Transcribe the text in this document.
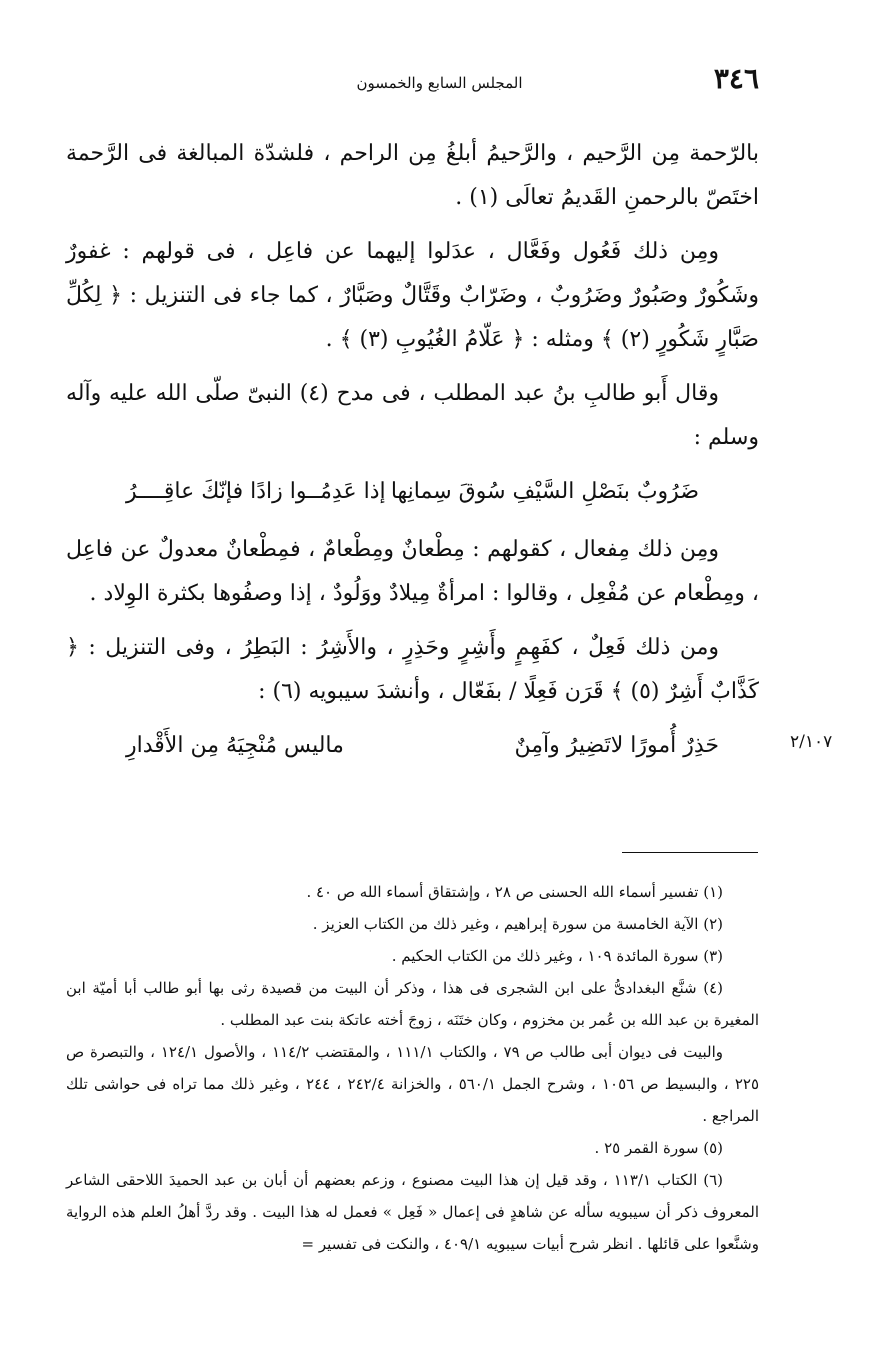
٣٤٦
المجلس السابع والخمسون

بالرّحمة مِن الرَّحيم ، والرَّحيمُ أبلغُ مِن الراحم ، فلشدّة المبالغة فى الرَّحمة اختَصّ بالرحمنِ القَديمُ تعالَى (١) .

ومِن ذلك فَعُول وفَعَّال ، عدَلوا إليهما عن فاعِل ، فى قولهم : غفورٌ وشَكُورٌ وصَبُورٌ وضَرُوبٌ ، وضَرّابٌ وقَتَّالٌ وصَبَّارٌ ، كما جاء فى التنزيل : ﴿ لِكُلِّ صَبَّارٍ شَكُورٍ (٢) ﴾ ومثله : ﴿ عَلّامُ الغُيُوبِ (٣) ﴾ .

وقال أَبو طالبِ بنُ عبد المطلب ، فى مدح (٤) النبىّ صلّى الله عليه وآله وسلم :

ضَرُوبٌ بنَصْلِ السَّيْفِ سُوقَ سِمانِها
إذا عَدِمُــوا زادًا فإنّكَ عاقِــــرُ

ومِن ذلك مِفعال ، كقولهم : مِطْعانٌ ومِطْعامٌ ، فمِطْعانٌ معدولٌ عن فاعِل ، ومِطْعام عن مُفْعِل ، وقالوا : امرأةٌ مِيلادٌ ووَلُودٌ ، إذا وصفُوها بكثرة الوِلاد .

ومن ذلك فَعِلٌ ، كفَهِمٍ وأَشِرٍ وحَذِرٍ ، والأَشِرُ : البَطِرُ ، وفى التنزيل : ﴿ كَذَّابٌ أَشِرٌ (٥) ﴾ قَرَن فَعِلًا / بفَعّال ، وأنشدَ سيبويه (٦) :

حَذِرٌ أُمورًا لاتَضِيرُ وآمِنٌ
ماليس مُنْجِيَهُ مِن الأَقْدارِ	٢/١٠٧

(١) تفسير أسماء الله الحسنى ص ٢٨ ، وإشتقاق أسماء الله ص ٤٠ .

(٢) الآية الخامسة من سورة إبراهيم ، وغير ذلك من الكتاب العزيز .

(٣) سورة المائدة ١٠٩ ، وغير ذلك من الكتاب الحكيم .

(٤) شنَّع البغدادىُّ على ابن الشجرى فى هذا ، وذكر أن البيت من قصيدة رثى بها أبو طالب أبا أميّة ابن المغيرة بن عبد الله بن عُمر بن مخزوم ، وكان ختَنَه ، زوجَ أخته عاتكة بنت عبد المطلب .

والبيت فى ديوان أبى طالب ص ٧٩ ، والكتاب ١١١/١ ، والمقتضب ١١٤/٢ ، والأصول ١٢٤/١ ، والتبصرة ص ٢٢٥ ، والبسيط ص ١٠٥٦ ، وشرح الجمل ٥٦٠/١ ، والخزانة ٢٤٢/٤ ، ٢٤٤ ، وغير ذلك مما تراه فى حواشى تلك المراجع .

(٥) سورة القمر ٢٥ .

(٦) الكتاب ١١٣/١ ، وقد قيل إن هذا البيت مصنوع ، وزعم بعضهم أن أبان بن عبد الحميدَ اللاحقى الشاعر المعروف ذكر أن سيبويه سأله عن شاهدٍ فى إعمال « فَعِل » فعمل له هذا البيت . وقد ردَّ أهلُ العلم هذه الرواية وشنَّعوا على قائلها . انظر شرح أبيات سيبويه ٤٠٩/١ ، والنكت فى تفسير =
